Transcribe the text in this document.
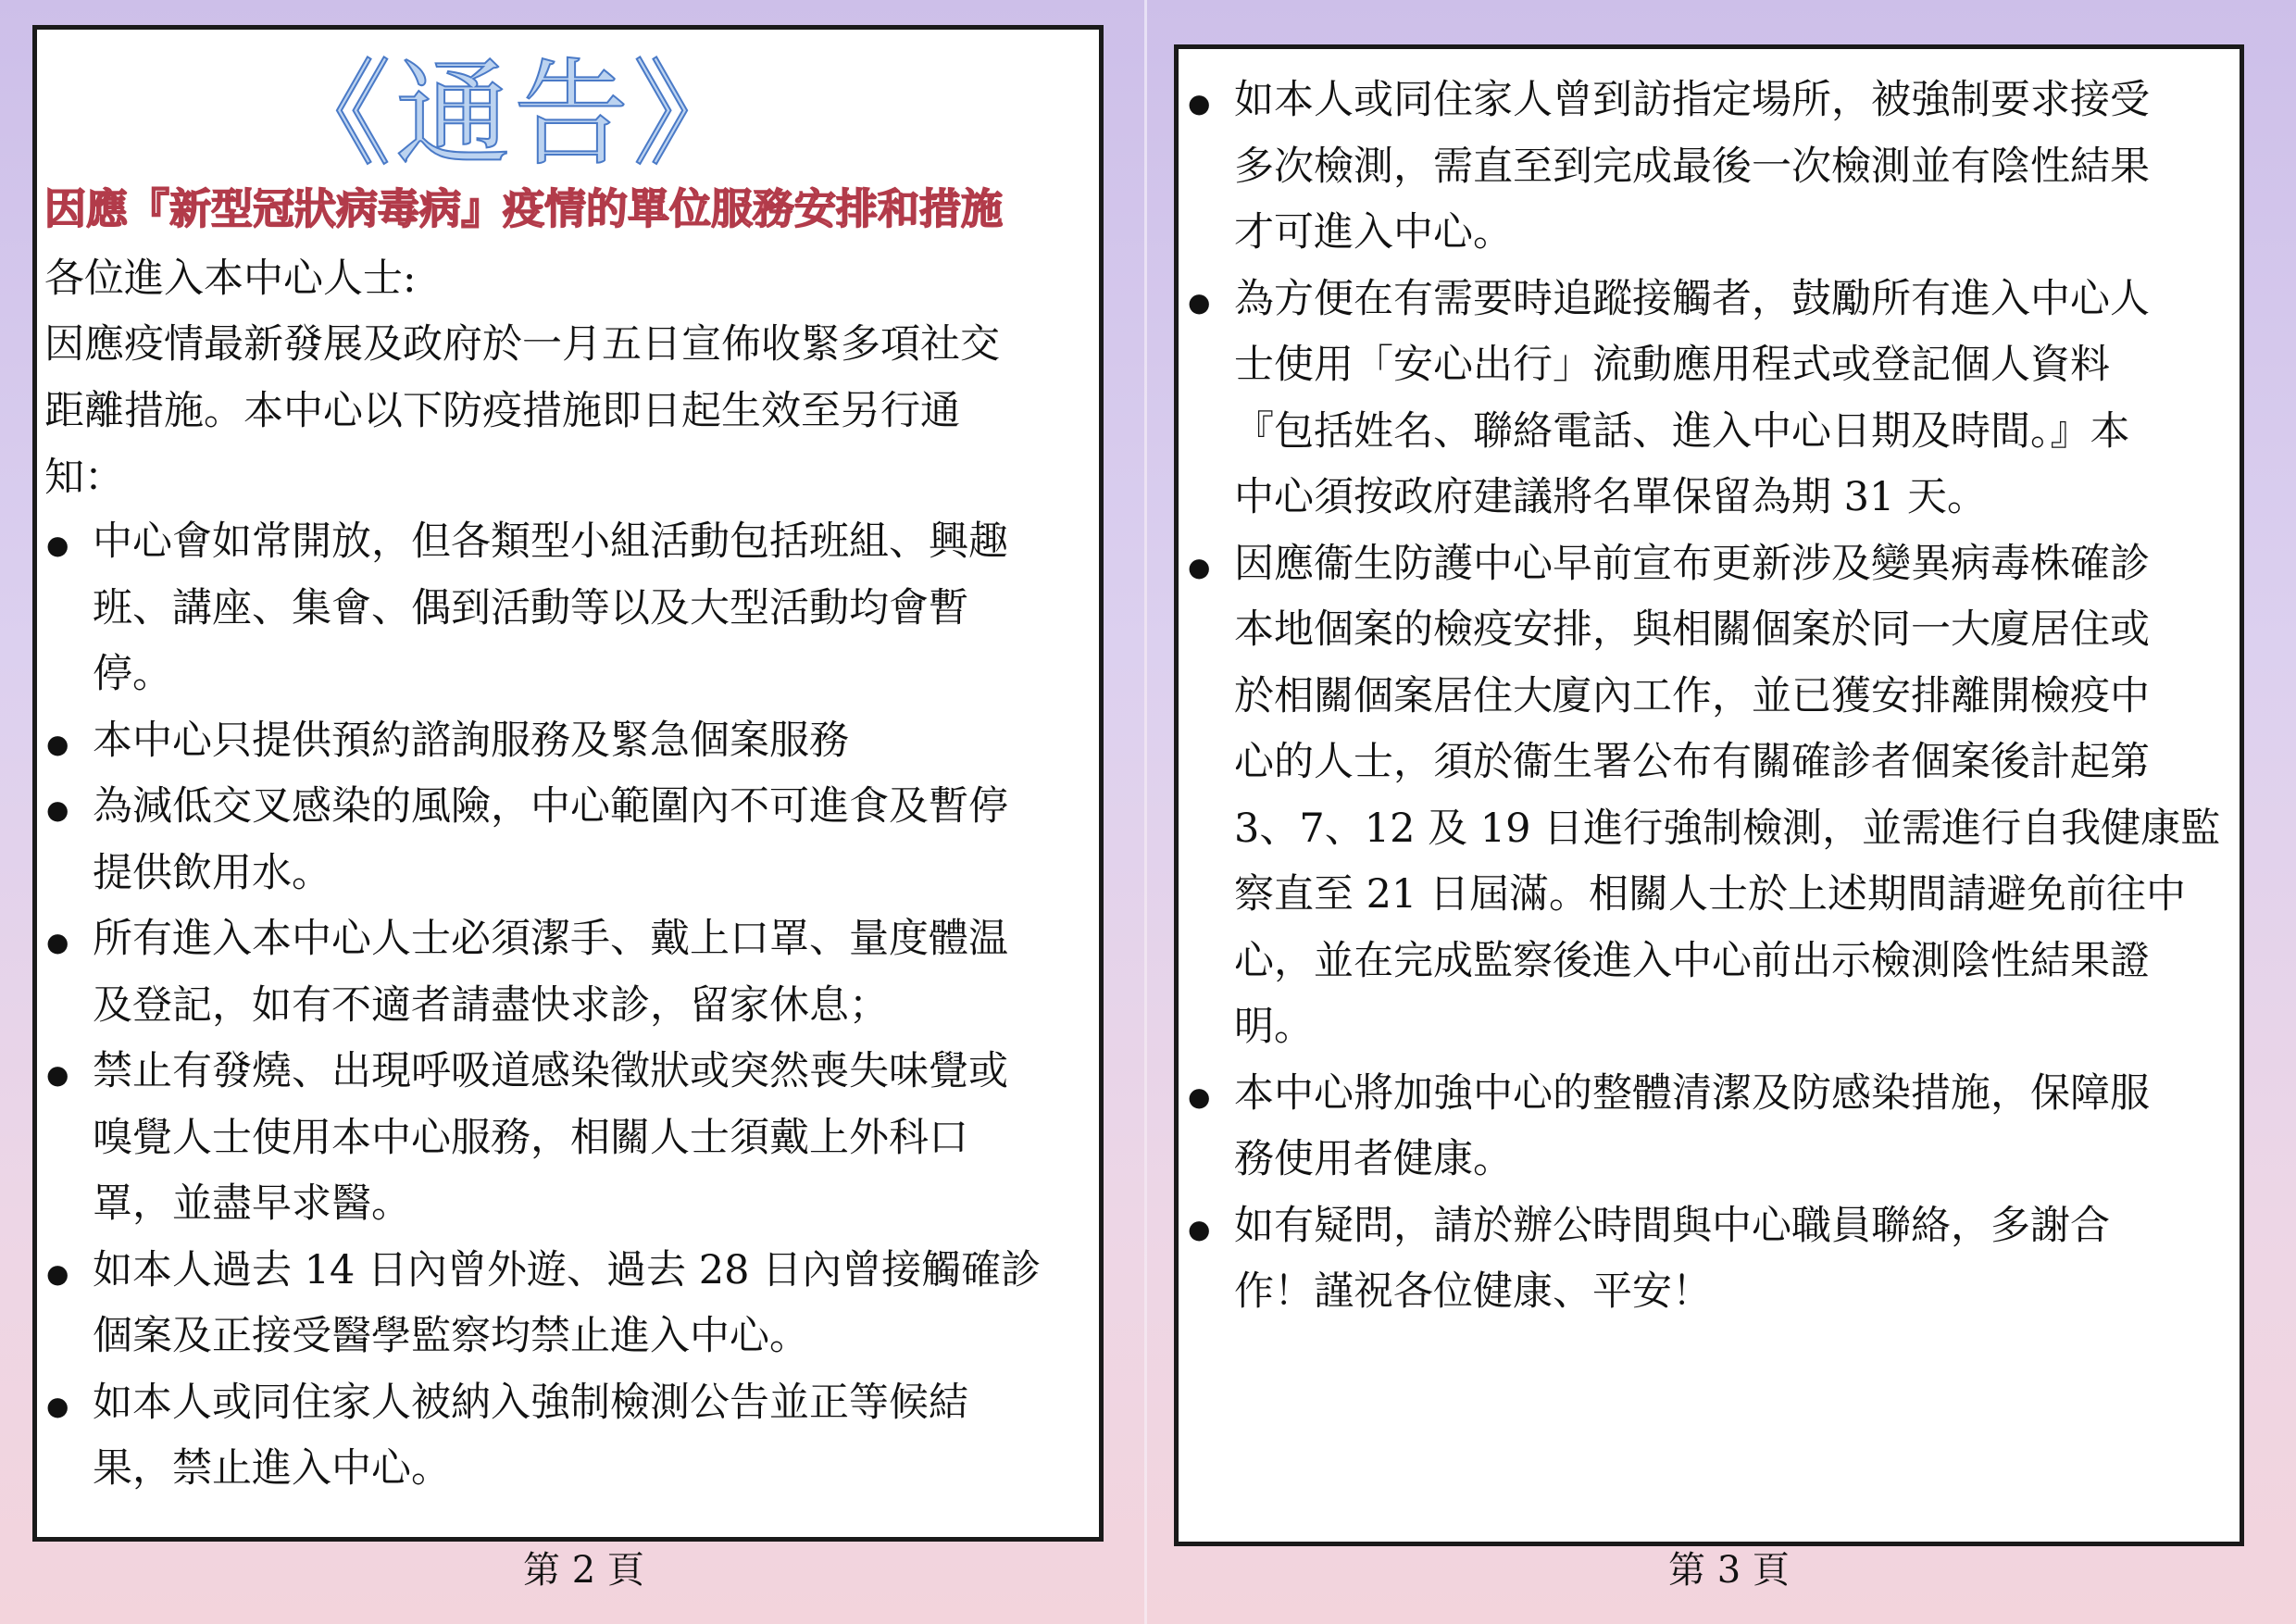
《通告》
因應『新型冠狀病毒病』疫情的單位服務安排和措施
各位進入本中心人士:
因應疫情最新發展及政府於一月五日宣佈收緊多項社交
距離措施。本中心以下防疫措施即日起生效至另行通
知：
● 中心會如常開放，但各類型小組活動包括班組、興趣
班、講座、集會、偶到活動等以及大型活動均會暫
停。
● 本中心只提供預約諮詢服務及緊急個案服務
● 為減低交叉感染的風險，中心範圍內不可進食及暫停
提供飲用水。
● 所有進入本中心人士必須潔手、戴上口罩、量度體温
及登記，如有不適者請盡快求診，留家休息；
● 禁止有發燒、出現呼吸道感染徵狀或突然喪失味覺或
嗅覺人士使用本中心服務，相關人士須戴上外科口
罩，並盡早求醫。
● 如本人過去 14 日內曾外遊、過去 28 日內曾接觸確診
個案及正接受醫學監察均禁止進入中心。
● 如本人或同住家人被納入強制檢測公告並正等候結
果，禁止進入中心。
第 2 頁
● 如本人或同住家人曾到訪指定場所，被強制要求接受
多次檢測，需直至到完成最後一次檢測並有陰性結果
才可進入中心。
● 為方便在有需要時追蹤接觸者，鼓勵所有進入中心人
士使用「安心出行」流動應用程式或登記個人資料
『包括姓名、聯絡電話、進入中心日期及時間。』本
中心須按政府建議將名單保留為期 31 天。
● 因應衞生防護中心早前宣布更新涉及變異病毒株確診
本地個案的檢疫安排，與相關個案於同一大廈居住或
於相關個案居住大廈內工作，並已獲安排離開檢疫中
心的人士，須於衞生署公布有關確診者個案後計起第
3、7、12 及 19 日進行強制檢測，並需進行自我健康監
察直至 21 日屆滿。相關人士於上述期間請避免前往中
心，並在完成監察後進入中心前出示檢測陰性結果證
明。
● 本中心將加強中心的整體清潔及防感染措施，保障服
務使用者健康。
● 如有疑問，請於辦公時間與中心職員聯絡，多謝合
作！謹祝各位健康、平安！
第 3 頁
